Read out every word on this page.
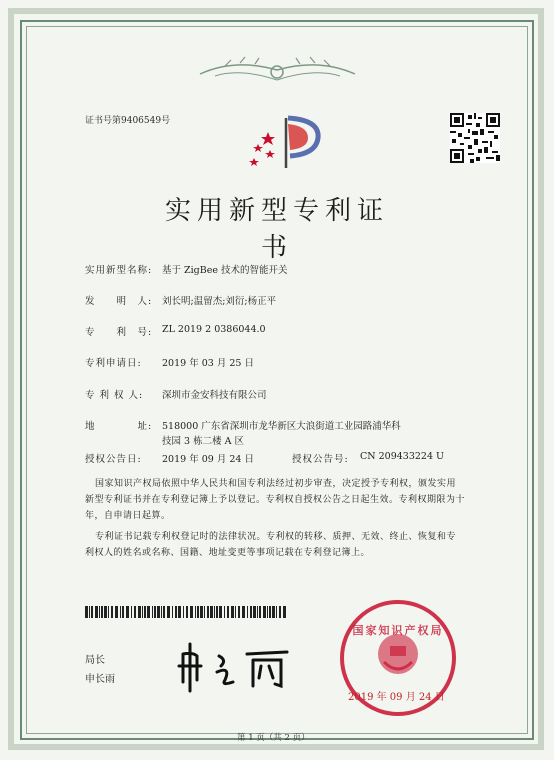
证书号第9406549号
实用新型专利证书
实用新型名称: 基于 ZigBee 技术的智能开关
发　　明　人: 刘长明;温留杰;刘衍;杨正平
专　　利　号: ZL 2019 2 0386044.0
专利申请日: 2019 年 03 月 25 日
专 利 权 人: 深圳市金安科技有限公司
地　　　　址: 518000 广东省深圳市龙华新区大浪街道工业园路浦华科
技园 3 栋二楼 A 区
授权公告日: 2019 年 09 月 24 日	授权公告号: CN 209433224 U
国家知识产权局依照中华人民共和国专利法经过初步审查，决定授予专利权，颁发实用
新型专利证书并在专利登记簿上予以登记。专利权自授权公告之日起生效。专利权期限为十
年，自申请日起算。
专利证书记载专利权登记时的法律状况。专利权的转移、质押、无效、终止、恢复和专
利权人的姓名或名称、国籍、地址变更等事项记载在专利登记簿上。
局长
申长雨
国家知识产权局
2019 年 09 月 24 日
第 1 页（共 2 页）
